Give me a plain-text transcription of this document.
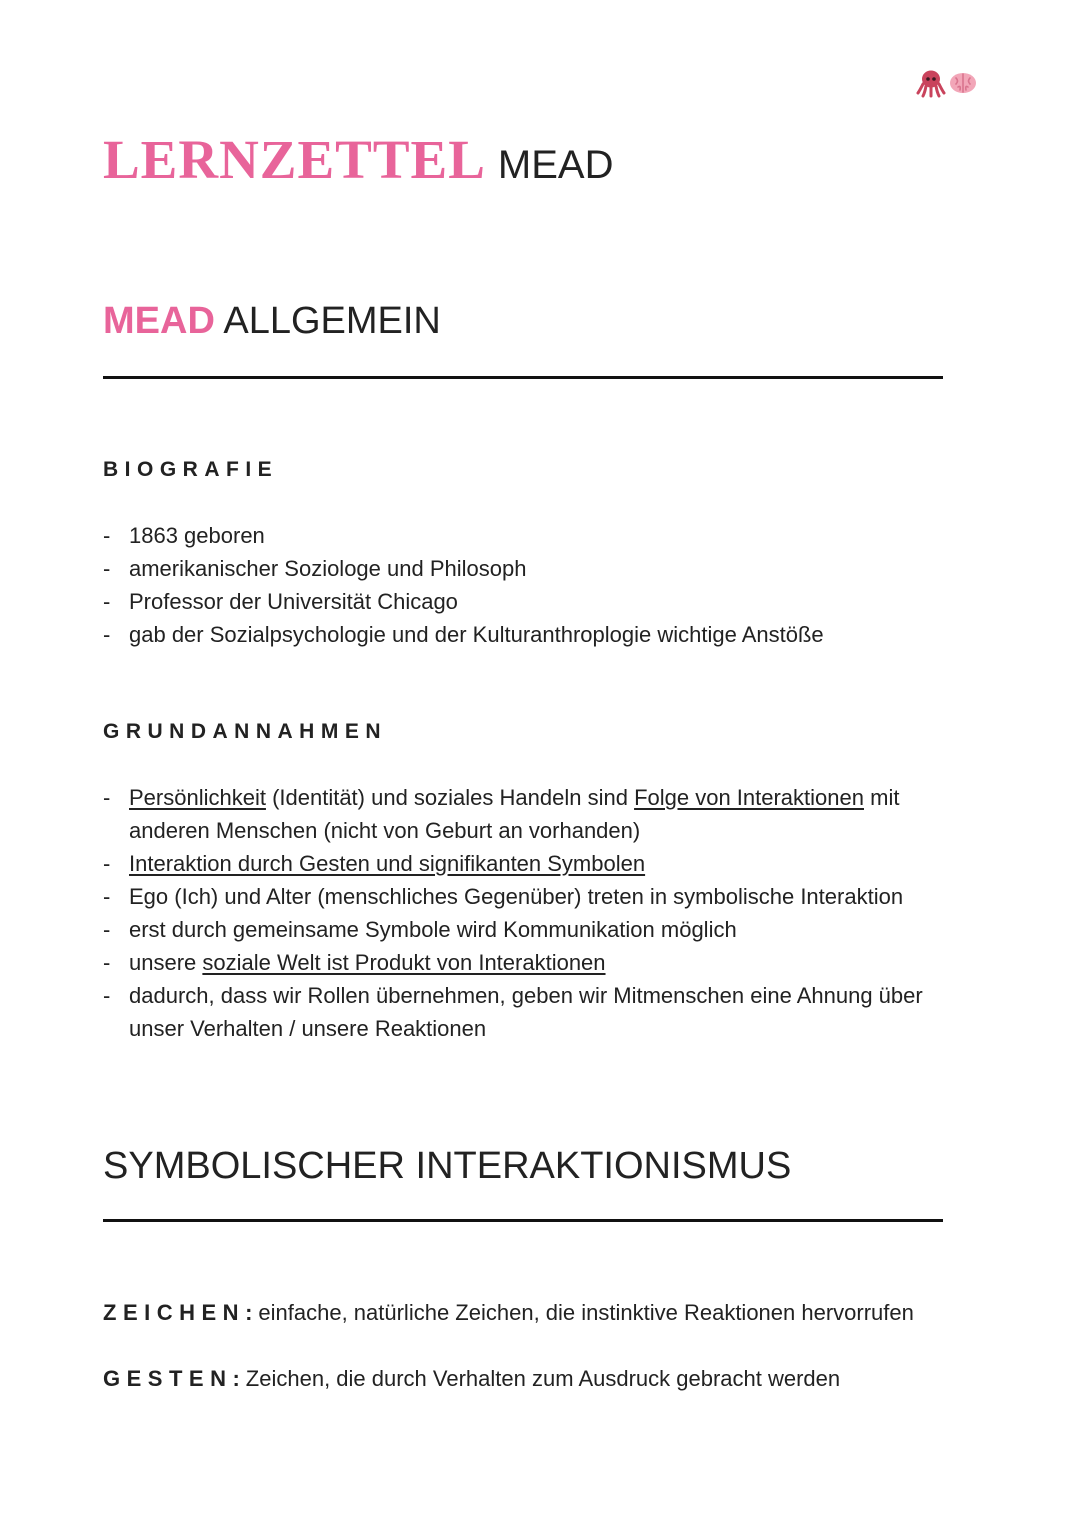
LERNZETTEL MEAD
MEAD ALLGEMEIN
BIOGRAFIE
- 1863 geboren
- amerikanischer Soziologe und Philosoph
- Professor der Universität Chicago
- gab der Sozialpsychologie und der Kulturanthroplogie wichtige Anstöße
GRUNDANNAHMEN
- Persönlichkeit (Identität) und soziales Handeln sind Folge von Interaktionen mit anderen Menschen (nicht von Geburt an vorhanden)
- Interaktion durch Gesten und signifikanten Symbolen
- Ego (Ich) und Alter (menschliches Gegenüber) treten in symbolische Interaktion
- erst durch gemeinsame Symbole wird Kommunikation möglich
- unsere soziale Welt ist Produkt von Interaktionen
- dadurch, dass wir Rollen übernehmen, geben wir Mitmenschen eine Ahnung über unser Verhalten / unsere Reaktionen
SYMBOLISCHER INTERAKTIONISMUS
ZEICHEN: einfache, natürliche Zeichen, die instinktive Reaktionen hervorrufen
GESTEN: Zeichen, die durch Verhalten zum Ausdruck gebracht werden
